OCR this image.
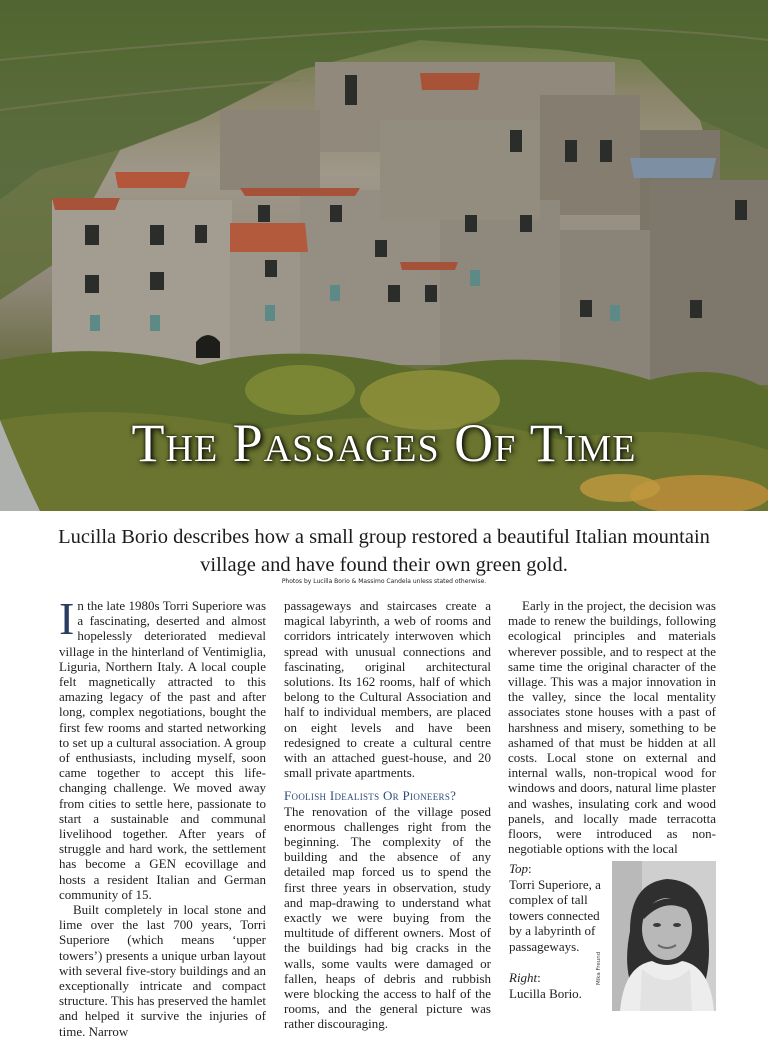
The Passages Of Time

Lucilla Borio describes how a small group restored a beautiful Italian mountain village and have found their own green gold.

Photos by Lucilla Borio & Massimo Candela unless stated otherwise.

In the late 1980s Torri Superiore was a fascinating, deserted and almost hopelessly deteriorated medieval village in the hinterland of Ventimiglia, Liguria, Northern Italy. A local couple felt magnetically attracted to this amazing legacy of the past and after long, complex negotiations, bought the first few rooms and started networking to set up a cultural association. A group of enthusiasts, including myself, soon came together to accept this life-changing challenge. We moved away from cities to settle here, passionate to start a sustainable and communal livelihood together. After years of struggle and hard work, the settlement has become a GEN ecovillage and hosts a resident Italian and German community of 15.

Built completely in local stone and lime over the last 700 years, Torri Superiore (which means ‘upper towers’) presents a unique urban layout with several five-story buildings and an exceptionally intricate and compact structure. This has preserved the hamlet and helped it survive the injuries of time. Narrow

passageways and staircases create a magical labyrinth, a web of rooms and corridors intricately interwoven which spread with unusual connections and fascinating, original architectural solutions. Its 162 rooms, half of which belong to the Cultural Association and half to individual members, are placed on eight levels and have been redesigned to create a cultural centre with an attached guest-house, and 20 small private apartments.

Foolish Idealists Or Pioneers?

The renovation of the village posed enormous challenges right from the beginning. The complexity of the building and the absence of any detailed map forced us to spend the first three years in observation, study and map-drawing to understand what exactly we were buying from the multitude of different owners. Most of the buildings had big cracks in the walls, some vaults were damaged or fallen, heaps of debris and rubbish were blocking the access to half of the rooms, and the general picture was rather discouraging.

Early in the project, the decision was made to renew the buildings, following ecological principles and materials wherever possible, and to respect at the same time the original character of the village. This was a major innovation in the valley, since the local mentality associates stone houses with a past of harshness and misery, something to be ashamed of that must be hidden at all costs. Local stone on external and internal walls, non-tropical wood for windows and doors, natural lime plaster and washes, insulating cork and wood panels, and locally made terracotta floors, were introduced as non-negotiable options with the local

Top:

Torri Superiore, a complex of tall towers connected by a labyrinth of passageways.

Right:

Lucilla Borio.

Mika Freund
